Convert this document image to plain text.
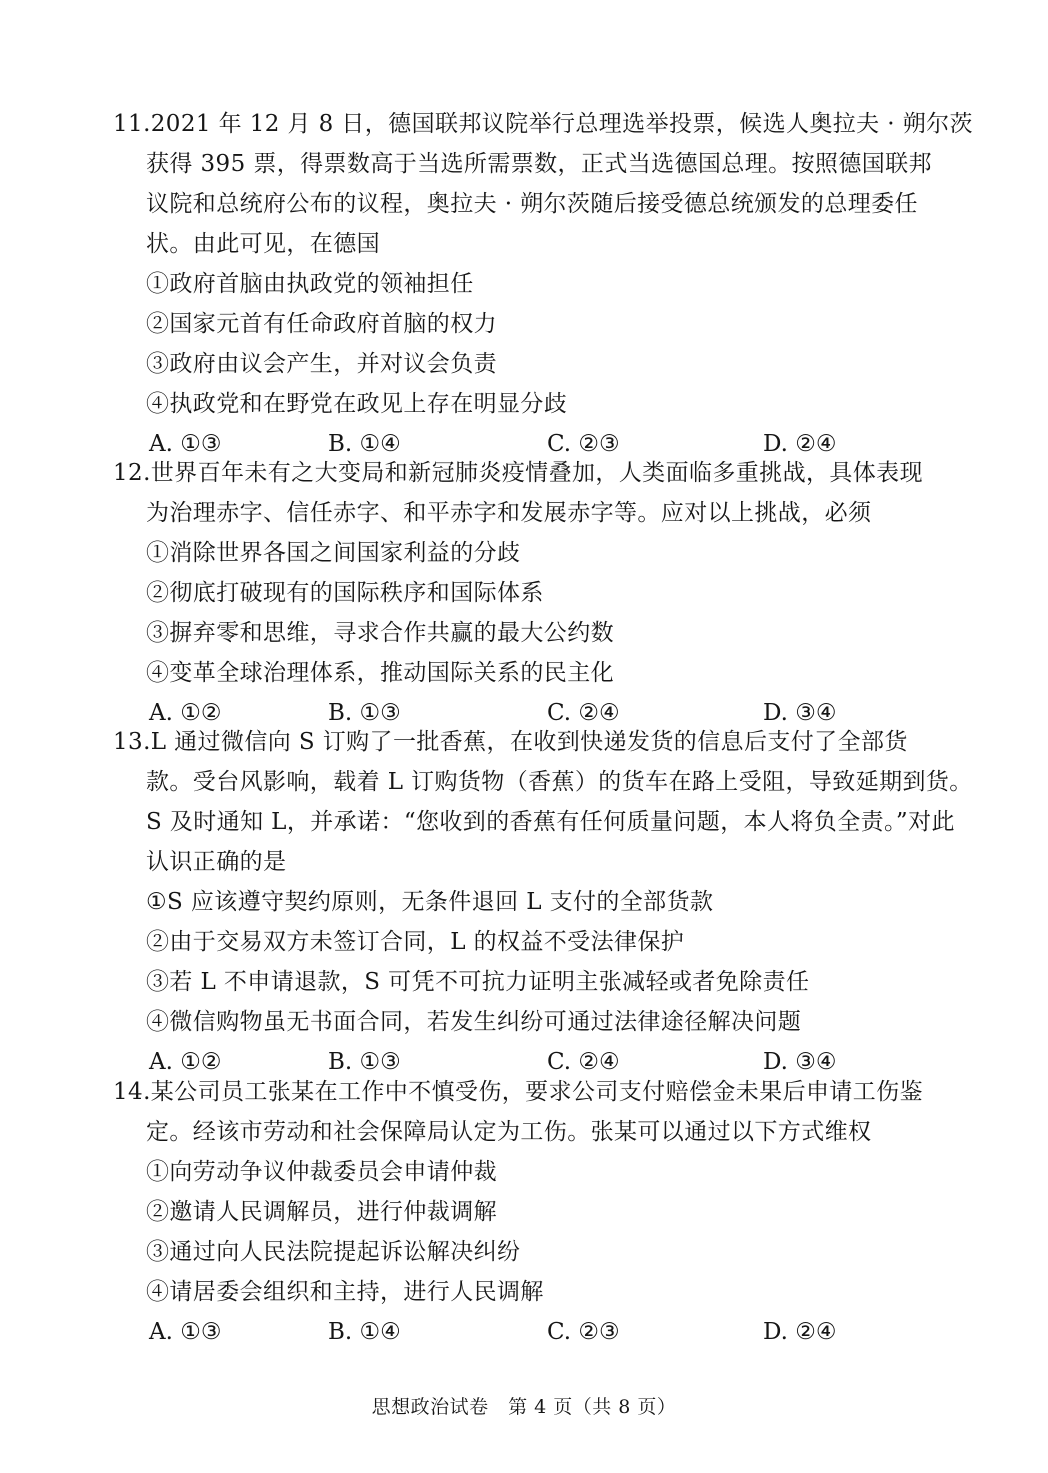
11.2021 年 12 月 8 日，德国联邦议院举行总理选举投票，候选人奥拉夫 · 朔尔茨
获得 395 票，得票数高于当选所需票数，正式当选德国总理。按照德国联邦
议院和总统府公布的议程，奥拉夫 · 朔尔茨随后接受德总统颁发的总理委任
状。由此可见，在德国
①政府首脑由执政党的领袖担任
②国家元首有任命政府首脑的权力
③政府由议会产生，并对议会负责
④执政党和在野党在政见上存在明显分歧
A. ①③	B. ①④	C. ②③	D. ②④
12.世界百年未有之大变局和新冠肺炎疫情叠加，人类面临多重挑战，具体表现
为治理赤字、信任赤字、和平赤字和发展赤字等。应对以上挑战，必须
①消除世界各国之间国家利益的分歧
②彻底打破现有的国际秩序和国际体系
③摒弃零和思维，寻求合作共赢的最大公约数
④变革全球治理体系，推动国际关系的民主化
A. ①②	B. ①③	C. ②④	D. ③④
13.L 通过微信向 S 订购了一批香蕉，在收到快递发货的信息后支付了全部货
款。受台风影响，载着 L 订购货物（香蕉）的货车在路上受阻，导致延期到货。
S 及时通知 L，并承诺：“您收到的香蕉有任何质量问题，本人将负全责。”对此
认识正确的是
①S 应该遵守契约原则，无条件退回 L 支付的全部货款
②由于交易双方未签订合同，L 的权益不受法律保护
③若 L 不申请退款，S 可凭不可抗力证明主张减轻或者免除责任
④微信购物虽无书面合同，若发生纠纷可通过法律途径解决问题
A. ①②	B. ①③	C. ②④	D. ③④
14.某公司员工张某在工作中不慎受伤，要求公司支付赔偿金未果后申请工伤鉴
定。经该市劳动和社会保障局认定为工伤。张某可以通过以下方式维权
①向劳动争议仲裁委员会申请仲裁
②邀请人民调解员，进行仲裁调解
③通过向人民法院提起诉讼解决纠纷
④请居委会组织和主持，进行人民调解
A. ①③	B. ①④	C. ②③	D. ②④
思想政治试卷　第 4 页（共 8 页）
